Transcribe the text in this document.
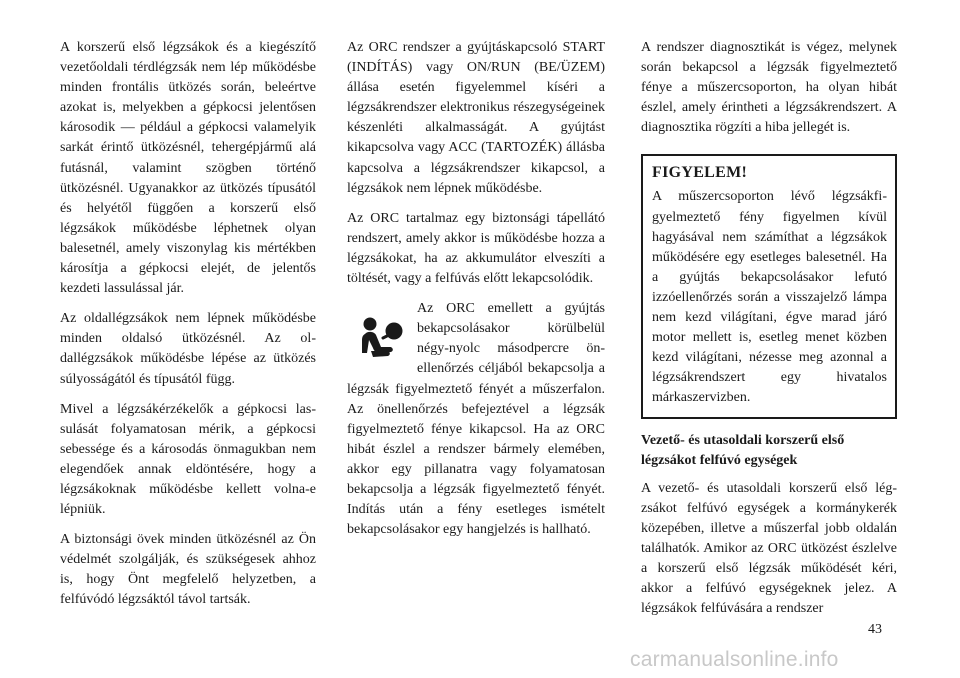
A korszerű első légzsákok és a kiegészítő vezetőoldali térdlégzsák nem lép működésbe minden frontális ütközés során, beleértve azokat is, melyekben a gépkocsi jelentősen károsodik — például a gépkocsi valamelyik sarkát érintő ütközésnél, tehergépjármű alá futásnál, valamint szögben történő ütközésnél. Ugyanakkor az ütközés típusától és helyétől függően a korszerű első légzsákok működésbe léphetnek olyan balesetnél, amely viszonylag kis mértékben károsítja a gépkocsi elejét, de jelentős kezdeti lassulással jár.

Az oldallégzsákok nem lépnek működésbe minden oldalsó ütközésnél. Az oldallégzsákok működésbe lépése az ütközés súlyosságától és típusától függ.

Mivel a légzsákérzékelők a gépkocsi lassulását folyamatosan mérik, a gépkocsi sebessége és a károsodás önmagukban nem elegendőek annak eldöntésére, hogy a légzsákoknak működésbe kellett volna-e lépniük.

A biztonsági övek minden ütközésnél az Ön védelmét szolgálják, és szükségesek ahhoz is, hogy Önt megfelelő helyzetben, a felfúvódó légzsáktól távol tartsák.

Az ORC rendszer a gyújtáskapcsoló START (INDÍTÁS) vagy ON/RUN (BE/ÜZEM) állása esetén figyelemmel kíséri a légzsákrendszer elektronikus részegységeinek készenléti alkalmasságát. A gyújtást kikapcsolva vagy ACC (TARTOZÉK) állásba kapcsolva a légzsákrendszer kikapcsol, a légzsákok nem lépnek működésbe.

Az ORC tartalmaz egy biztonsági tápellátó rendszert, amely akkor is működésbe hozza a légzsákokat, ha az akkumulátor elveszíti a töltését, vagy a felfúvás előtt lekapcsolódik.

Az ORC emellett a gyújtás bekapcsolásakor körülbelül négy-nyolc másodpercre önellenőrzés céljából bekapcsolja a légzsák figyelmeztető fényét a műszerfalon. Az önellenőrzés befejeztével a légzsák figyelmeztető fénye kikapcsol. Ha az ORC hibát észlel a rendszer bármely elemében, akkor egy pillanatra vagy folyamatosan bekapcsolja a légzsák figyelmeztető fényét. Indítás után a fény esetleges ismételt bekapcsolásakor egy hangjelzés is hallható.

A rendszer diagnosztikát is végez, melynek során bekapcsol a légzsák figyelmeztető fénye a műszercsoporton, ha olyan hibát észlel, amely érintheti a légzsákrendszert. A diagnosztika rögzíti a hiba jellegét is.

FIGYELEM!
A műszercsoporton lévő légzsákfigyelmeztető fény figyelmen kívül hagyásával nem számíthat a légzsákok működésére egy esetleges balesetnél. Ha a gyújtás bekapcsolásakor lefutó izzóellenőrzés során a visszajelző lámpa nem kezd világítani, égve marad járó motor mellett is, esetleg menet közben kezd világítani, nézesse meg azonnal a légzsákrendszert egy hivatalos márkaszervizben.
Vezető- és utasoldali korszerű első légzsákot felfúvó egységek

A vezető- és utasoldali korszerű első légzsákot felfúvó egységek a kormánykerék közepében, illetve a műszerfal jobb oldalán találhatók. Amikor az ORC ütközést észlelve a korszerű első légzsák működését kéri, akkor a felfúvó egységeknek jelez. A légzsákok felfúvására a rendszer

43
carmanualsonline.info
